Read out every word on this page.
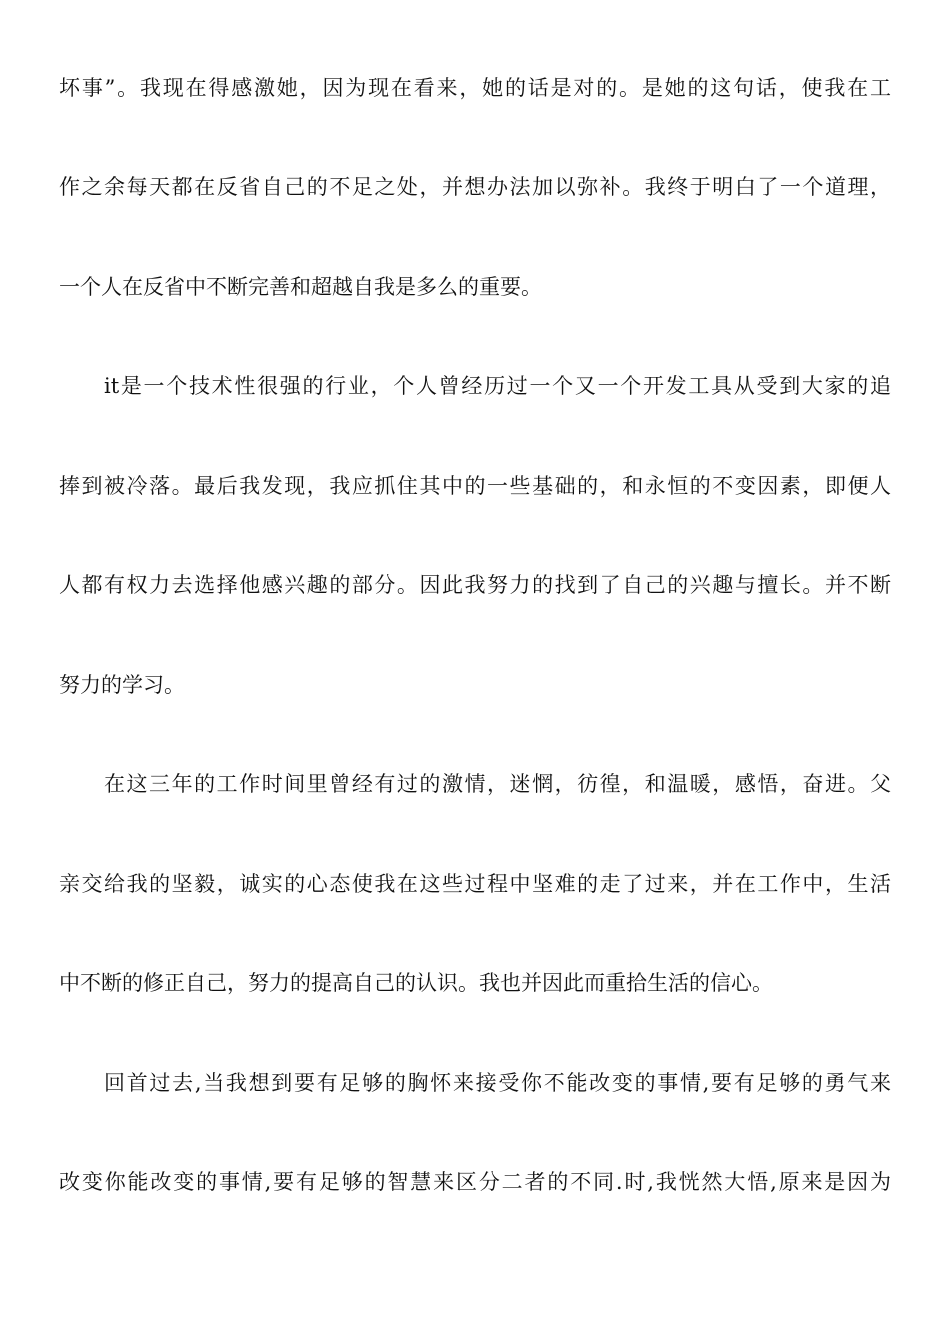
坏事”。我现在得感激她，因为现在看来，她的话是对的。是她的这句话，使我在工
作之余每天都在反省自己的不足之处，并想办法加以弥补。我终于明白了一个道理，
一个人在反省中不断完善和超越自我是多么的重要。
it是一个技术性很强的行业，个人曾经历过一个又一个开发工具从受到大家的追
捧到被冷落。最后我发现，我应抓住其中的一些基础的，和永恒的不变因素，即便人
人都有权力去选择他感兴趣的部分。因此我努力的找到了自己的兴趣与擅长。并不断
努力的学习。
在这三年的工作时间里曾经有过的激情，迷惘，彷徨，和温暖，感悟，奋进。父
亲交给我的坚毅，诚实的心态使我在这些过程中坚难的走了过来，并在工作中，生活
中不断的修正自己，努力的提高自己的认识。我也并因此而重拾生活的信心。
回首过去,当我想到要有足够的胸怀来接受你不能改变的事情,要有足够的勇气来
改变你能改变的事情,要有足够的智慧来区分二者的不同.时,我恍然大悟,原来是因为
